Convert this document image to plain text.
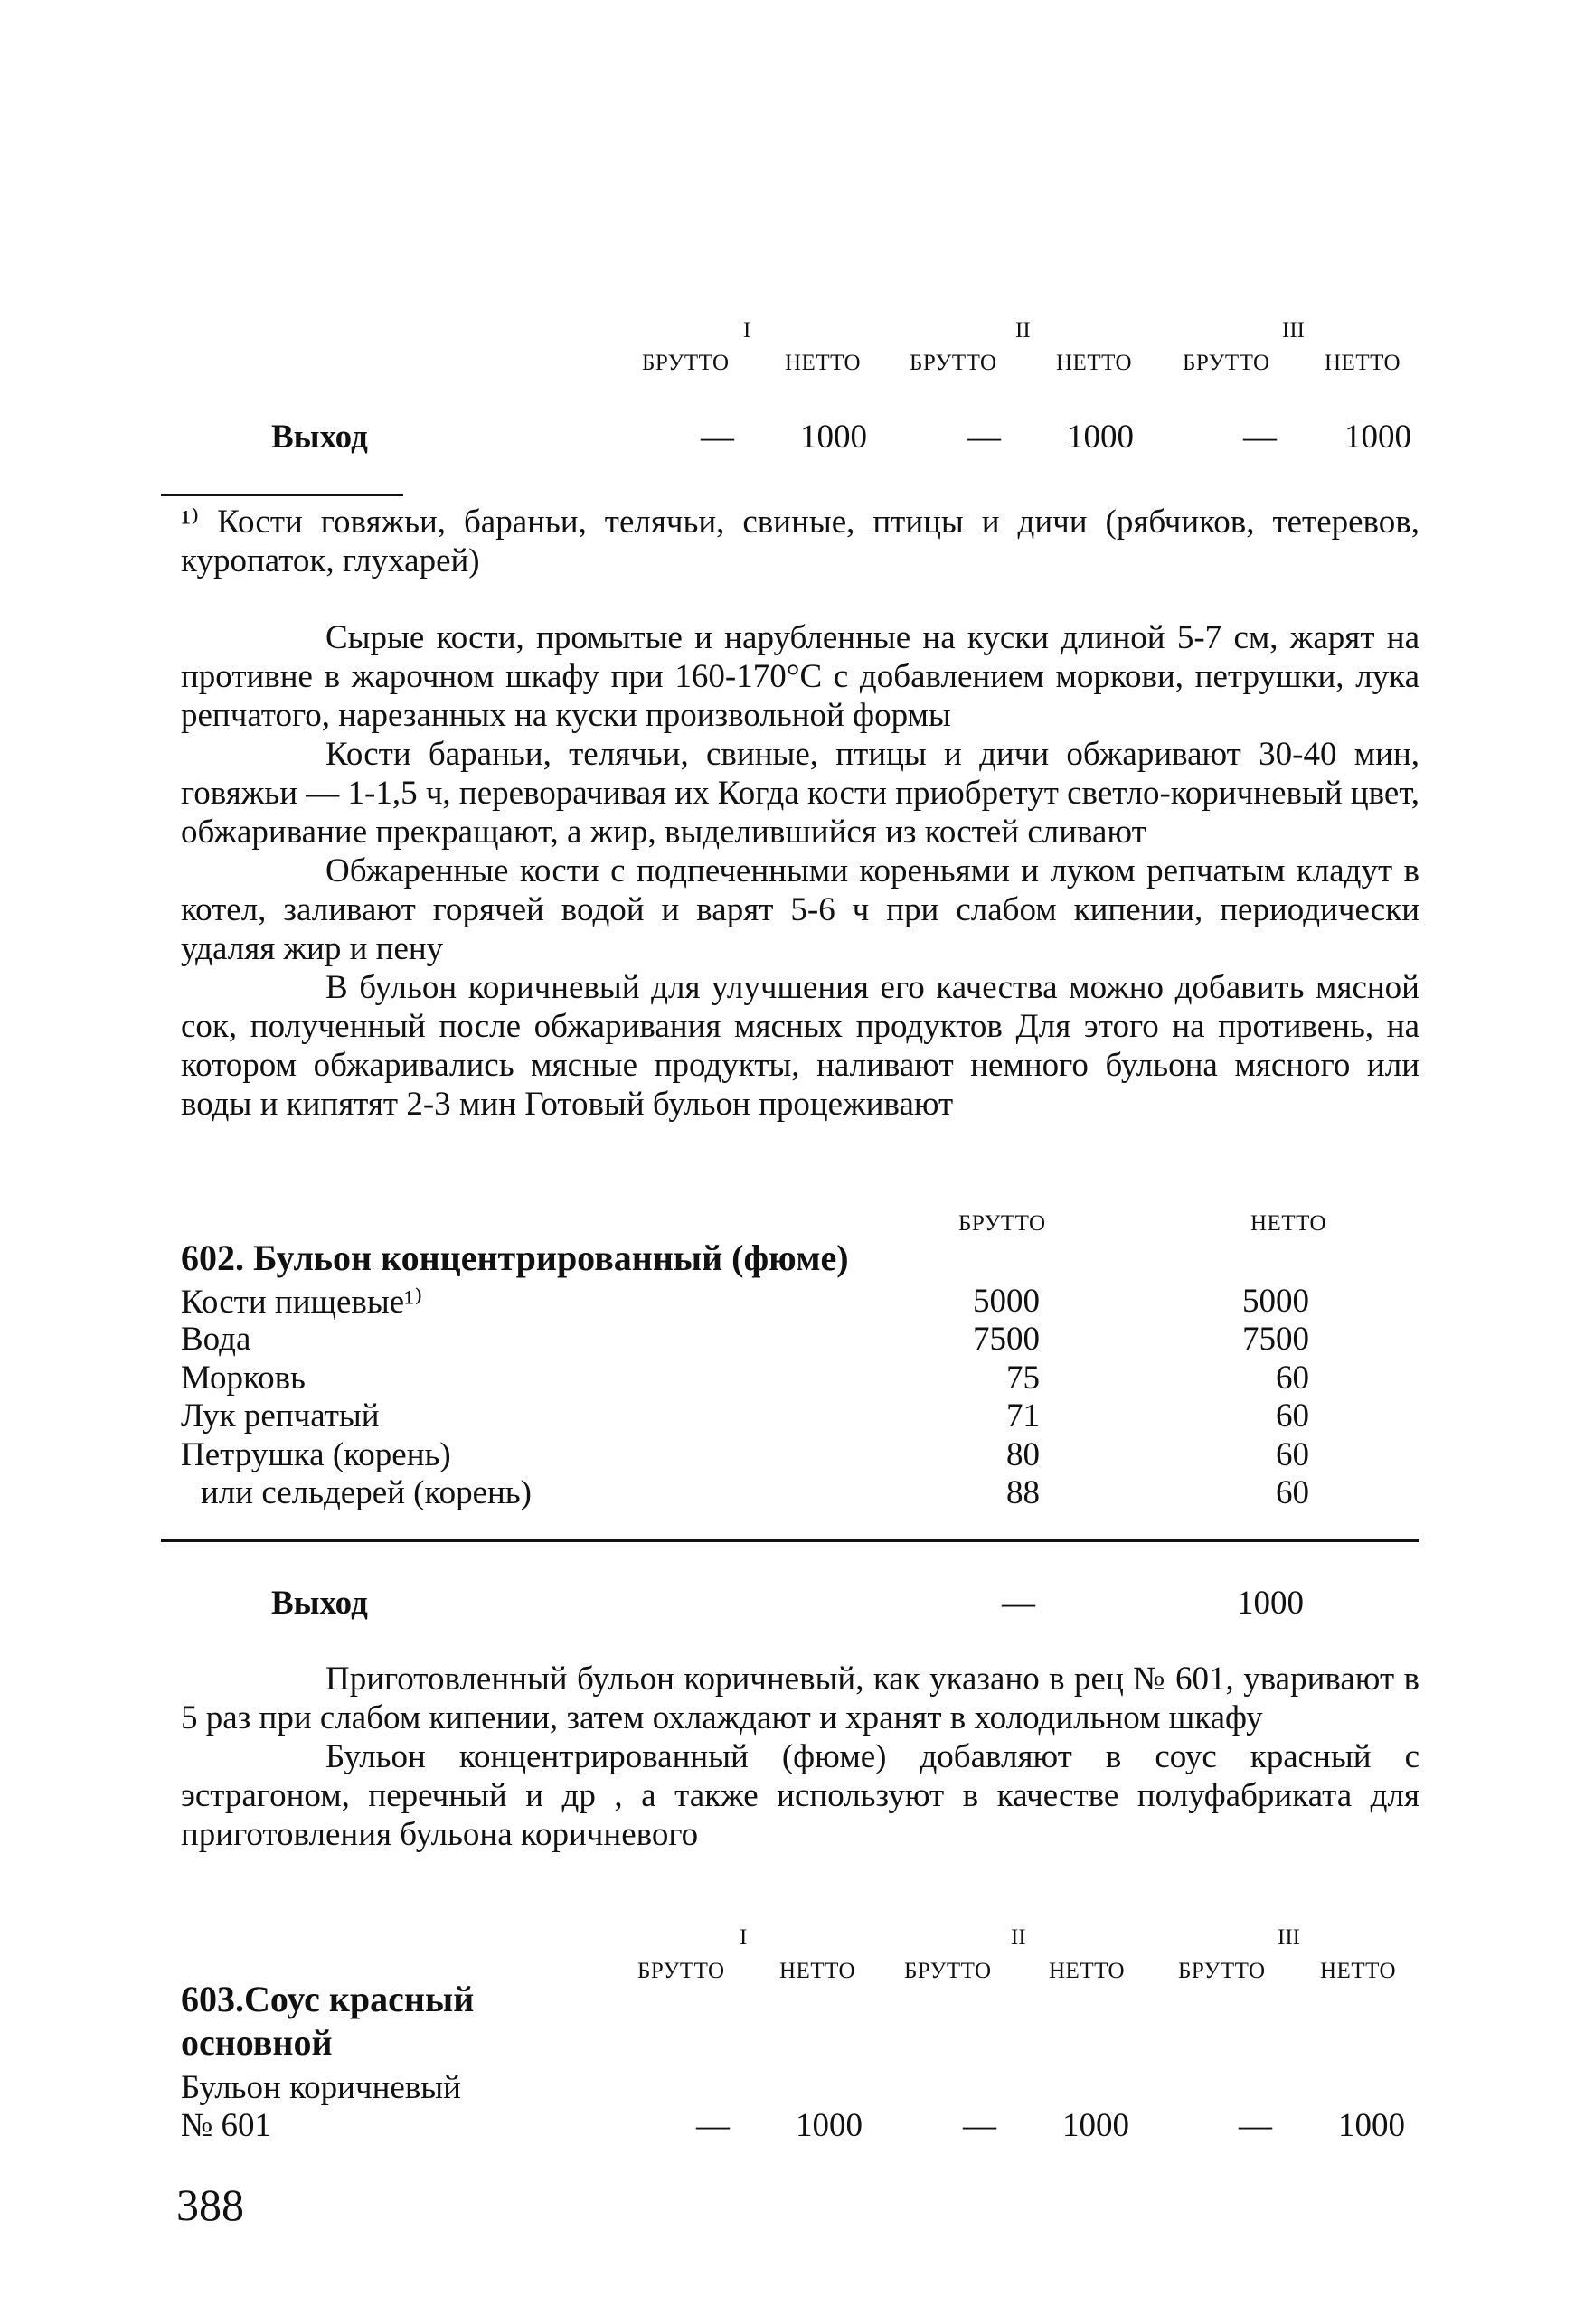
I	II	III
БРУТТО НЕТТО БРУТТО	НЕТТО БРУТТО НЕТТО
Выход	— 1000	— 1000	— 1000

¹⁾ Кости говяжьи, бараньи, телячьи, свиные, птицы и дичи (рябчиков, тетеревов, куропаток, глухарей)

Сырые кости, промытые и нарубленные на куски длиной 5-7 см, жарят на противне в жарочном шкафу при 160-170°С с добавлением моркови, петрушки, лука репчатого, нарезанных на куски произвольной формы

Кости бараньи, телячьи, свиные, птицы и дичи обжаривают 30-40 мин, говяжьи — 1-1,5 ч, переворачивая их Когда кости приобретут светло-коричневый цвет, обжаривание прекращают, а жир, выделившийся из костей сливают

Обжаренные кости с подпеченными кореньями и луком репчатым кладут в котел, заливают горячей водой и варят 5-6 ч при слабом кипении, периодически удаляя жир и пену

В бульон коричневый для улучшения его качества можно добавить мясной сок, полученный после обжаривания мясных продуктов Для этого на противень, на котором обжаривались мясные продукты, наливают немного бульона мясного или воды и кипятят 2-3 мин Готовый бульон процеживают

БРУТТО	НЕТТО
602. Бульон концентрированный (фюме)
Кости пищевые¹⁾	5000	5000
Вода	7500	7500
Морковь	75	60
Лук репчатый	71	60
Петрушка (корень)	80	60
или сельдерей (корень)	88	60
Выход	—	1000

Приготовленный бульон коричневый, как указано в рец № 601, уваривают в 5 раз при слабом кипении, затем охлаждают и хранят в холодильном шкафу

Бульон концентрированный (фюме) добавляют в соус красный с эстрагоном, перечный и др , а также используют в качестве полуфабриката для приготовления бульона коричневого

I	II	III
БРУТТО НЕТТО БРУТТО	НЕТТО БРУТТО НЕТТО
603.Соус красный
основной
Бульон коричневый
№ 601	— 1000	— 1000	— 1000
388
